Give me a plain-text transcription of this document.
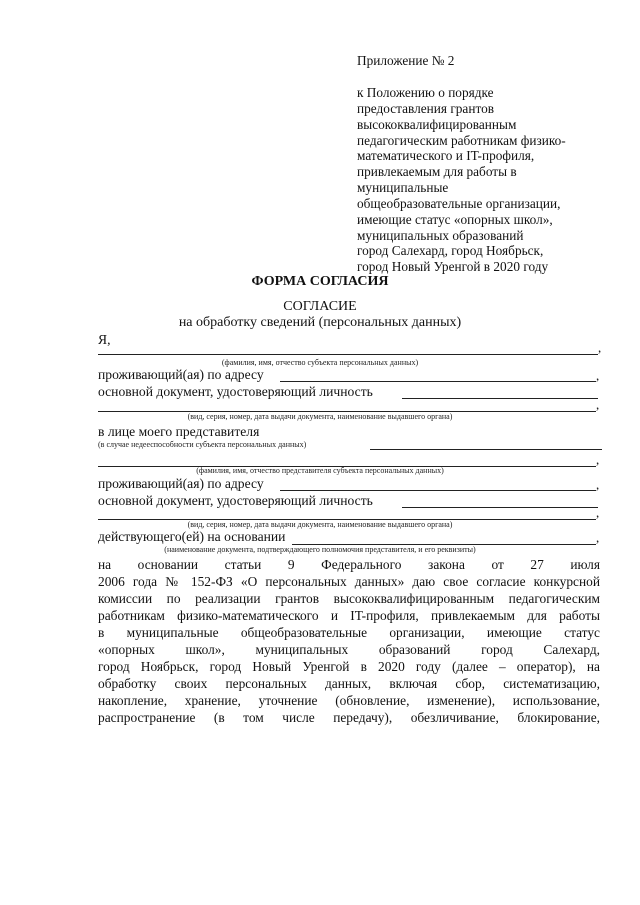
Приложение № 2
к Положению о порядке
предоставления грантов
высококвалифицированным
педагогическим работникам физико-
математического и IT-профиля,
привлекаемым для работы в
муниципальные
общеобразовательные организации,
имеющие статус «опорных школ»,
муниципальных образований
город Салехард, город Ноябрьск,
город Новый Уренгой в 2020 году
ФОРМА СОГЛАСИЯ
СОГЛАСИЕ
на обработку сведений (персональных данных)
Я,
,
(фамилия, имя, отчество субъекта персональных данных)
проживающий(ая) по адресу	,
основной документ, удостоверяющий личность
,
(вид, серия, номер, дата выдачи документа, наименование выдавшего органа)
в лице моего представителя
(в случае недееспособности субъекта персональных данных)
,
(фамилия, имя, отчество представителя субъекта персональных данных)
проживающий(ая) по адресу	,
основной документ, удостоверяющий личность
,
(вид, серия, номер, дата выдачи документа, наименование выдавшего органа)
действующего(ей) на основании	,
(наименование документа, подтверждающего полномочия представителя, и его реквизиты)
на основании статьи 9 Федерального закона от 27 июля
2006 года № 152-ФЗ «О персональных данных» даю свое согласие конкурсной
комиссии по реализации грантов высококвалифицированным педагогическим
работникам физико-математического и IT-профиля, привлекаемым для работы
в муниципальные общеобразовательные организации, имеющие статус
«опорных школ», муниципальных образований город Салехард,
город Ноябрьск, город Новый Уренгой в 2020 году (далее – оператор), на
обработку своих персональных данных, включая сбор, систематизацию,
накопление, хранение, уточнение (обновление, изменение), использование,
распространение (в том числе передачу), обезличивание, блокирование,
